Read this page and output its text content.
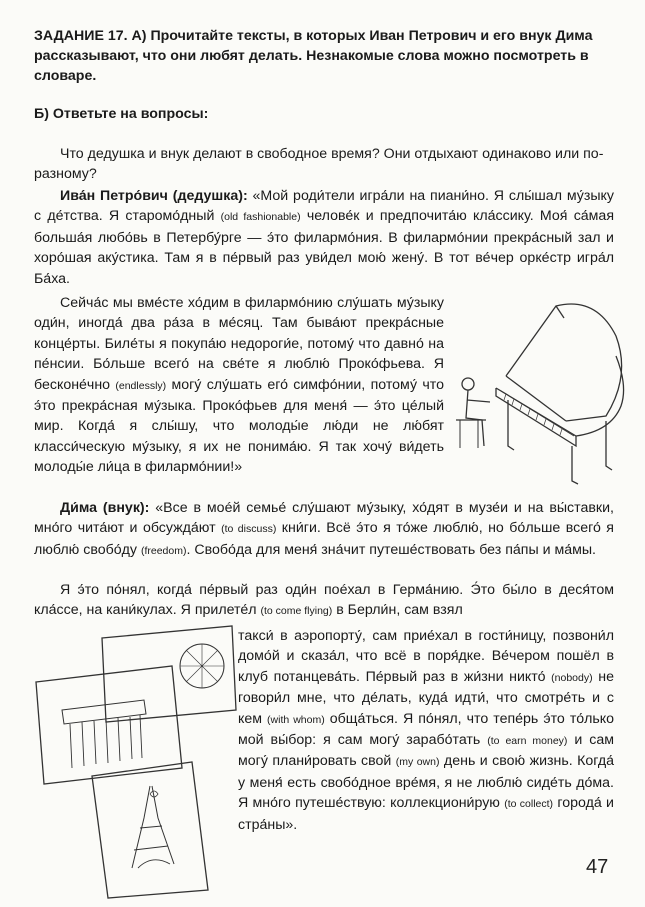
ЗАДАНИЕ 17. А) Прочитайте тексты, в которых Иван Петрович и его внук Дима рассказывают, что они любят делать. Незнакомые слова можно посмотреть в словаре.
Б) Ответьте на вопросы:
Что дедушка и внук делают в свободное время? Они отдыхают одинаково или по-разному?

Ива́н Петро́вич (дедушка): «Мой роди́тели игра́ли на пиани́но. Я слы́шал му́зыку с де́тства. Я старомо́дный (old fashionable) челове́к и предпочита́ю кла́ссику. Моя́ са́мая больша́я любо́вь в Петербу́рге — э́то филармо́ния. В филармо́нии прекра́сный зал и хоро́шая аку́стика. Там я в пе́рвый раз уви́дел мою́ жену́. В тот ве́чер орке́стр игра́л Ба́ха.

Сейча́с мы вме́сте хо́дим в филармо́нию слу́шать му́зыку оди́н, иногда́ два ра́за в ме́сяц. Там быва́ют прекра́сные конце́рты. Биле́ты я покупа́ю недороги́е, потому́ что давно́ на пе́нсии. Бо́льше всего́ на све́те я люблю́ Проко́фьева. Я бесконе́чно (endlessly) могу́ слу́шать его́ симфо́нии, потому́ что э́то прекра́сная му́зыка. Проко́фьев для меня́ — э́то це́лый мир. Когда́ я слы́шу, что молоды́е лю́ди не лю́бят класси́ческую му́зыку, я их не понима́ю. Я так хочу́ ви́деть молоды́е ли́ца в филармо́нии!»

Ди́ма (внук): «Все в моéй семье́ слу́шают му́зыку, хо́дят в музе́и и на вы́ставки, мно́го чита́ют и обсужда́ют (to discuss) кни́ги. Всё э́то я то́же люблю́, но бо́льше всего́ я люблю́ свобо́ду (freedom). Свобо́да для меня́ зна́чит путеше́ствовать без па́пы и ма́мы.

Я э́то по́нял, когда́ пе́рвый раз оди́н поéхал в Герма́нию. Э́то бы́ло в деся́том кла́ссе, на кани́кулах. Я прилете́л (to come flying) в Берли́н, сам взял

такси́ в аэропорту́, сам прие́хал в гости́ницу, позвони́л домо́й и сказа́л, что всё в поря́дке. Ве́чером пошёл в клуб потанцева́ть. Пе́рвый раз в жи́зни никто́ (nobody) не говори́л мне, что де́лать, куда́ идти́, что смотре́ть и с кем (with whom) обща́ться. Я по́нял, что тепе́рь э́то то́лько мой вы́бор: я сам могу́ зарабо́тать (to earn money) и сам могу́ плани́ровать свой (my own) день и свою́ жизнь. Когда́ у меня́ есть свобо́дное вре́мя, я не люблю́ сиде́ть до́ма. Я мно́го путеше́ствую: коллекциони́рую (to collect) города́ и стра́ны».

47
